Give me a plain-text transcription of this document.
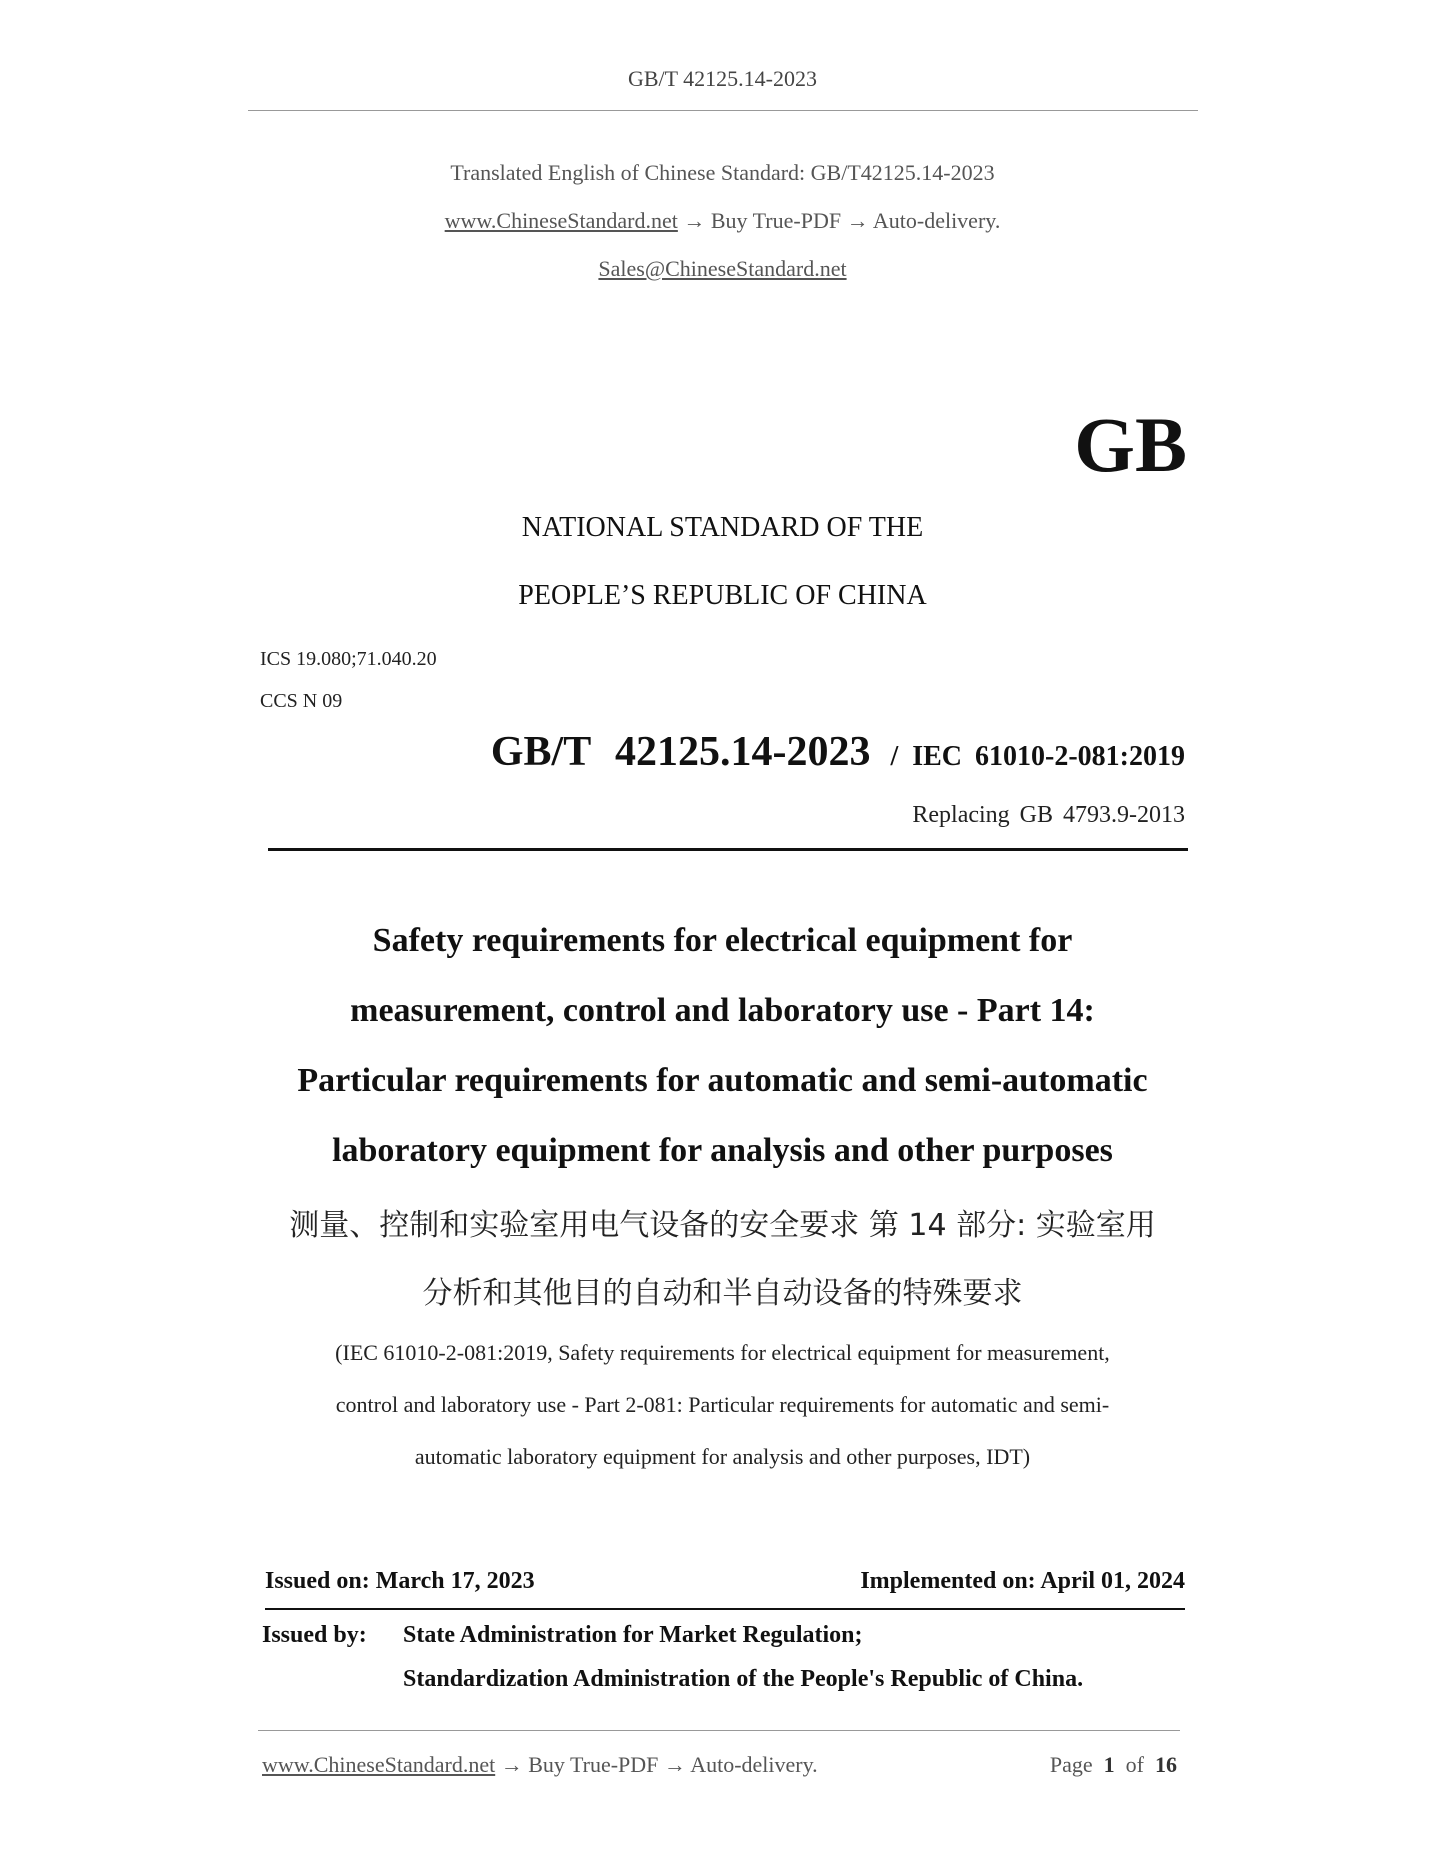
GB/T 42125.14-2023
Translated English of Chinese Standard: GB/T42125.14-2023
www.ChineseStandard.net → Buy True-PDF → Auto-delivery.
Sales@ChineseStandard.net
GB
NATIONAL STANDARD OF THE
PEOPLE’S REPUBLIC OF CHINA
ICS 19.080;71.040.20
CCS N 09
GB/T 42125.14-2023 / IEC 61010-2-081:2019
Replacing GB 4793.9-2013
Safety requirements for electrical equipment for
measurement, control and laboratory use - Part 14:
Particular requirements for automatic and semi-automatic
laboratory equipment for analysis and other purposes
测量、控制和实验室用电气设备的安全要求 第 14 部分: 实验室用
分析和其他目的自动和半自动设备的特殊要求
(IEC 61010-2-081:2019, Safety requirements for electrical equipment for measurement,
control and laboratory use - Part 2-081: Particular requirements for automatic and semi-
automatic laboratory equipment for analysis and other purposes, IDT)
Issued on: March 17, 2023	Implemented on: April 01, 2024
Issued by: State Administration for Market Regulation;
Standardization Administration of the People's Republic of China.
www.ChineseStandard.net → Buy True-PDF → Auto-delivery.	Page 1 of 16
